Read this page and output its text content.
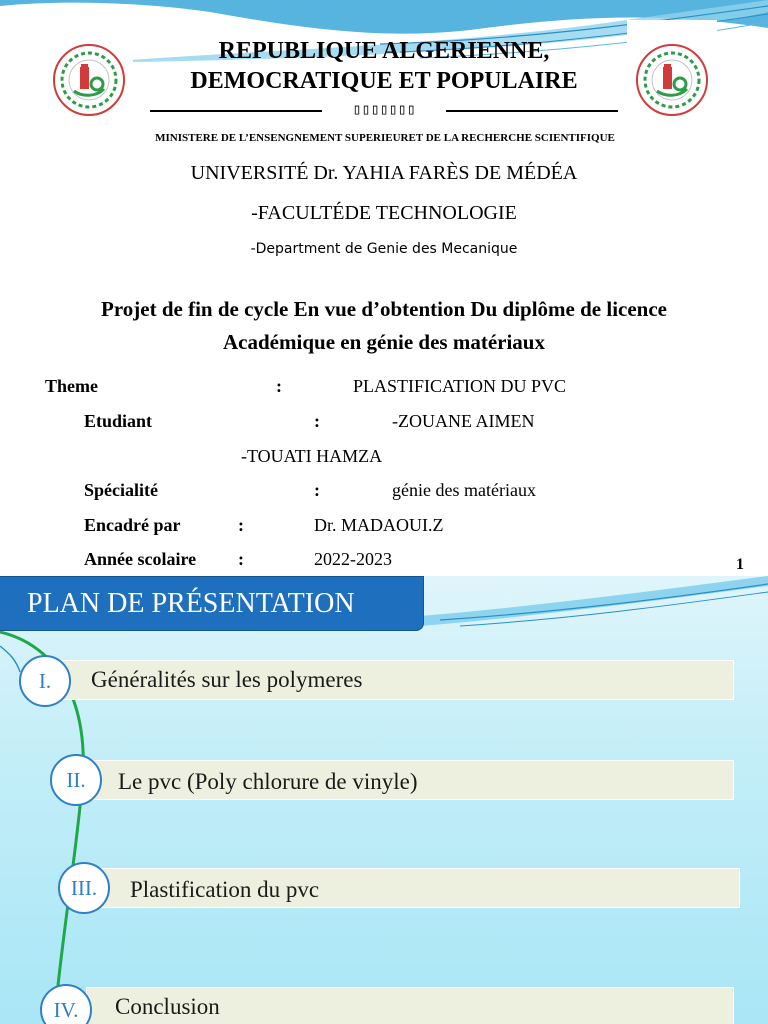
REPUBLIQUE ALGERIENNE,
DEMOCRATIQUE ET POPULAIRE
▯▯▯▯▯▯▯
MINISTERE DE L’ENSENGNEMENT SUPERIEURET DE LA RECHERCHE SCIENTIFIQUE
UNIVERSITÉ Dr. YAHIA FARÈS DE MÉDÉA
-FACULTÉDE TECHNOLOGIE
-Department de Genie des Mecanique
Projet de fin de cycle En vue d’obtention Du diplôme de licence
Académique en génie des matériaux
Theme	:	PLASTIFICATION DU PVC
Etudiant	:	-ZOUANE AIMEN
-TOUATI HAMZA
Spécialité	:	génie des matériaux
Encadré par	:	Dr. MADAOUI.Z
Année scolaire :	2022-2023	1
PLAN DE PRÉSENTATION
I.	Généralités sur les polymeres
II.	Le pvc (Poly chlorure de vinyle)
III.	Plastification du pvc
IV.	Conclusion
